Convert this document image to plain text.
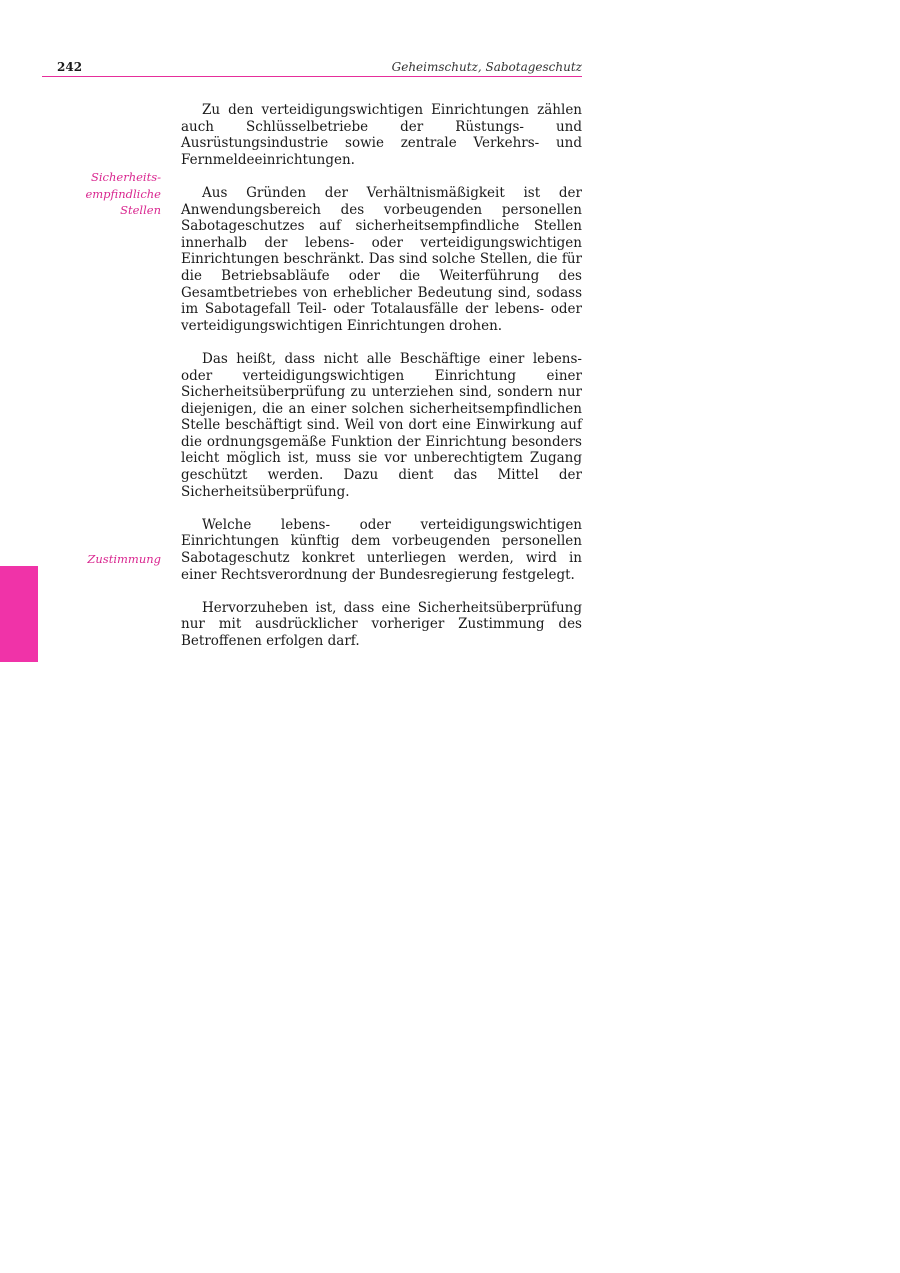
242	Geheimschutz, Sabotageschutz
Sicherheits-
empfindliche
Stellen
Zustimmung

Zu den verteidigungswichtigen Einrichtungen zählen auch Schlüsselbetriebe der Rüstungs- und Ausrüstungsindustrie sowie zentrale Verkehrs- und Fernmeldeeinrichtungen.

Aus Gründen der Verhältnismäßigkeit ist der Anwendungsbereich des vorbeugenden personellen Sabotageschutzes auf sicherheitsempfindliche Stellen innerhalb der lebens- oder verteidigungswichtigen Einrichtungen beschränkt. Das sind solche Stellen, die für die Betriebsabläufe oder die Weiterführung des Gesamtbetriebes von erheblicher Bedeutung sind, sodass im Sabotagefall Teil- oder Totalausfälle der lebens- oder verteidigungswichtigen Einrichtungen drohen.

Das heißt, dass nicht alle Beschäftige einer lebens- oder verteidigungswichtigen Einrichtung einer Sicherheitsüberprüfung zu unterziehen sind, sondern nur diejenigen, die an einer solchen sicherheitsempfindlichen Stelle beschäftigt sind. Weil von dort eine Einwirkung auf die ordnungsgemäße Funktion der Einrichtung besonders leicht möglich ist, muss sie vor unberechtigtem Zugang geschützt werden. Dazu dient das Mittel der Sicherheitsüberprüfung.

Welche lebens- oder verteidigungswichtigen Einrichtungen künftig dem vorbeugenden personellen Sabotageschutz konkret unterliegen werden, wird in einer Rechtsverordnung der Bundesregierung festgelegt.

Hervorzuheben ist, dass eine Sicherheitsüberprüfung nur mit ausdrücklicher vorheriger Zustimmung des Betroffenen erfolgen darf.
